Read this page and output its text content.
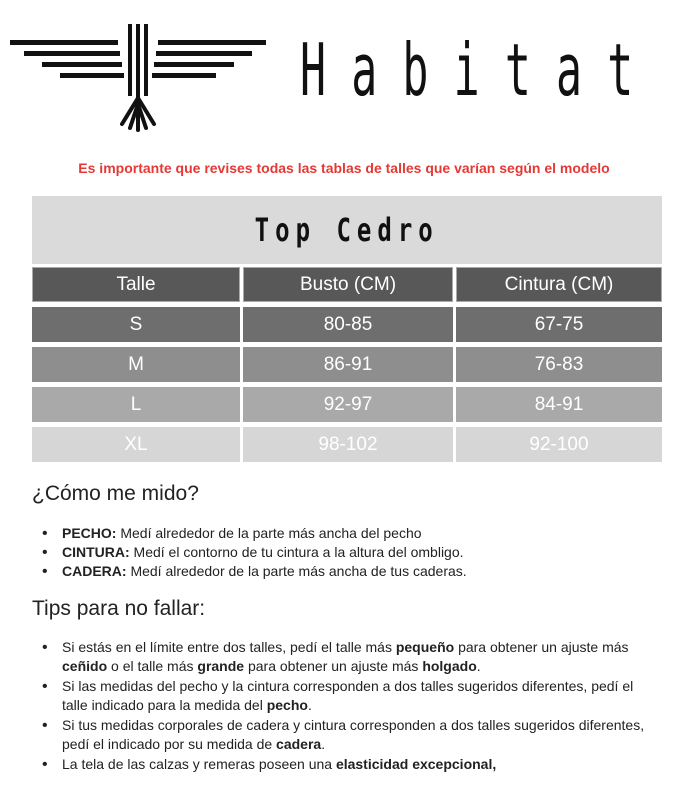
Habitat
Es importante que revises todas las tablas de talles que varían según el modelo
Top Cedro
Talle	Busto (CM)	Cintura (CM)
S	80-85	67-75
M	86-91	76-83
L	92-97	84-91
XL	98-102	92-100
¿Cómo me mido?
• PECHO: Medí alrededor de la parte más ancha del pecho
• CINTURA: Medí el contorno de tu cintura a la altura del ombligo.
• CADERA: Medí alrededor de la parte más ancha de tus caderas.
Tips para no fallar:
• Si estás en el límite entre dos talles, pedí el talle más pequeño para obtener un ajuste más ceñido o el talle más grande para obtener un ajuste más holgado.
• Si las medidas del pecho y la cintura corresponden a dos talles sugeridos diferentes, pedí el talle indicado para la medida del pecho.
• Si tus medidas corporales de cadera y cintura corresponden a dos talles sugeridos diferentes, pedí el indicado por su medida de cadera.
• La tela de las calzas y remeras poseen una elasticidad excepcional,
